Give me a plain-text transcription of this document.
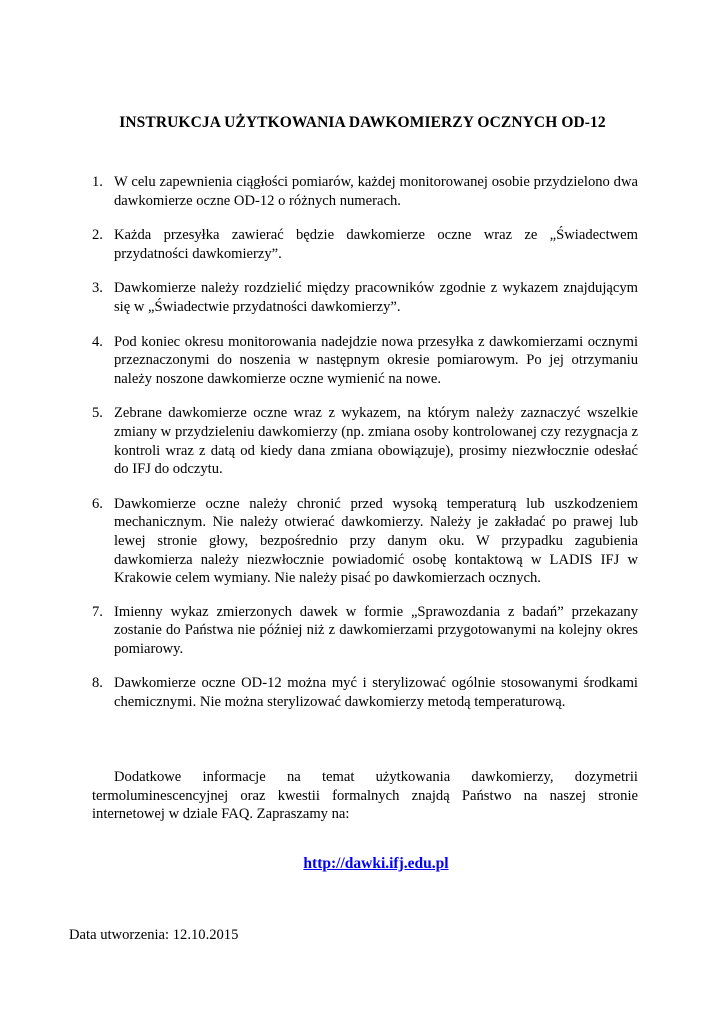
INSTRUKCJA UŻYTKOWANIA DAWKOMIERZY OCZNYCH OD-12
1. W celu zapewnienia ciągłości pomiarów, każdej monitorowanej osobie przydzielono dwa dawkomierze oczne OD-12 o różnych numerach.
2. Każda przesyłka zawierać będzie dawkomierze oczne wraz ze „Świadectwem przydatności dawkomierzy”.
3. Dawkomierze należy rozdzielić między pracowników zgodnie z wykazem znajdującym się w „Świadectwie przydatności dawkomierzy”.
4. Pod koniec okresu monitorowania nadejdzie nowa przesyłka z dawkomierzami ocznymi przeznaczonymi do noszenia w następnym okresie pomiarowym. Po jej otrzymaniu należy noszone dawkomierze oczne wymienić na nowe.
5. Zebrane dawkomierze oczne wraz z wykazem, na którym należy zaznaczyć wszelkie zmiany w przydzieleniu dawkomierzy (np. zmiana osoby kontrolowanej czy rezygnacja z kontroli wraz z datą od kiedy dana zmiana obowiązuje), prosimy niezwłocznie odesłać do IFJ do odczytu.
6. Dawkomierze oczne należy chronić przed wysoką temperaturą lub uszkodzeniem mechanicznym. Nie należy otwierać dawkomierzy. Należy je zakładać po prawej lub lewej stronie głowy, bezpośrednio przy danym oku. W przypadku zagubienia dawkomierza należy niezwłocznie powiadomić osobę kontaktową w LADIS IFJ w Krakowie celem wymiany. Nie należy pisać po dawkomierzach ocznych.
7. Imienny wykaz zmierzonych dawek w formie „Sprawozdania z badań” przekazany zostanie do Państwa nie później niż z dawkomierzami przygotowanymi na kolejny okres pomiarowy.
8. Dawkomierze oczne OD-12 można myć i sterylizować ogólnie stosowanymi środkami chemicznymi. Nie można sterylizować dawkomierzy metodą temperaturową.

Dodatkowe informacje na temat użytkowania dawkomierzy, dozymetrii termoluminescencyjnej oraz kwestii formalnych znajdą Państwo na naszej stronie internetowej w dziale FAQ. Zapraszamy na:

http://dawki.ifj.edu.pl

Data utworzenia: 12.10.2015
